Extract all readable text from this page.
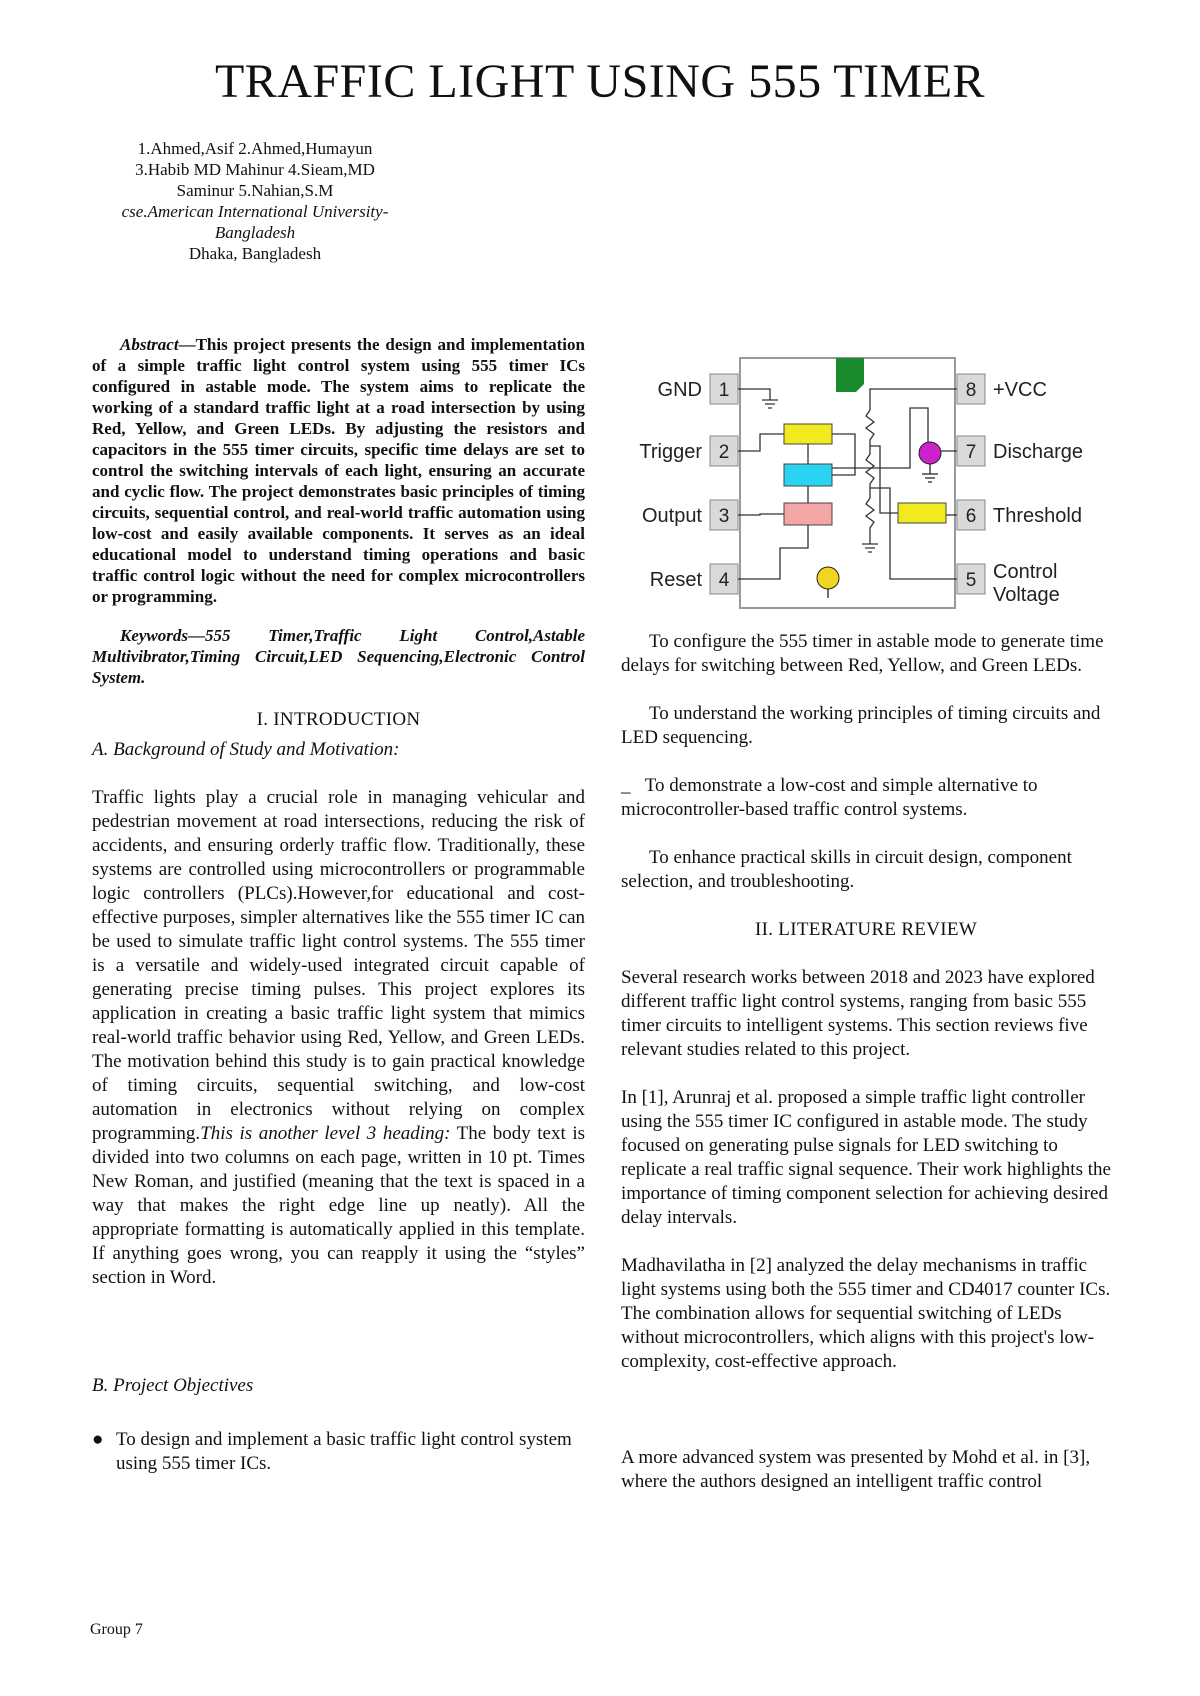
TRAFFIC LIGHT USING 555 TIMER
1.Ahmed,Asif 2.Ahmed,Humayun
3.Habib MD Mahinur 4.Sieam,MD
Saminur 5.Nahian,S.M
cse.American International University-
Bangladesh
Dhaka, Bangladesh

Abstract—This project presents the design and implementation of a simple traffic light control system using 555 timer ICs configured in astable mode. The system aims to replicate the working of a standard traffic light at a road intersection by using Red, Yellow, and Green LEDs. By adjusting the resistors and capacitors in the 555 timer circuits, specific time delays are set to control the switching intervals of each light, ensuring an accurate and cyclic flow. The project demonstrates basic principles of timing circuits, sequential control, and real-world traffic automation using low-cost and easily available components. It serves as an ideal educational model to understand timing operations and basic traffic control logic without the need for complex microcontrollers or programming.

Keywords—555 Timer,Traffic Light Control,Astable Multivibrator,Timing Circuit,LED Sequencing,Electronic Control System.

I. INTRODUCTION

A. Background of Study and Motivation:

Traffic lights play a crucial role in managing vehicular and pedestrian movement at road intersections, reducing the risk of accidents, and ensuring orderly traffic flow. Traditionally, these systems are controlled using microcontrollers or programmable logic controllers (PLCs).However,for educational and cost-effective purposes, simpler alternatives like the 555 timer IC can be used to simulate traffic light control systems. The 555 timer is a versatile and widely-used integrated circuit capable of generating precise timing pulses. This project explores its application in creating a basic traffic light system that mimics real-world traffic behavior using Red, Yellow, and Green LEDs. The motivation behind this study is to gain practical knowledge of timing circuits, sequential switching, and low-cost automation in electronics without relying on complex programming.This is another level 3 heading: The body text is divided into two columns on each page, written in 10 pt. Times New Roman, and justified (meaning that the text is spaced in a way that makes the right edge line up neatly). All the appropriate formatting is automatically applied in this template. If anything goes wrong, you can reapply it using the “styles” section in Word.

B. Project Objectives

● To design and implement a basic traffic light control system using 555 timer ICs.
1
2
3
4
8
7
6
5
GND
Trigger
Output
Reset
+VCC
Discharge
Threshold
Control
Voltage

To configure the 555 timer in astable mode to generate time delays for switching between Red, Yellow, and Green LEDs.

To understand the working principles of timing circuits and LED sequencing.

_ To demonstrate a low-cost and simple alternative to microcontroller-based traffic control systems.

To enhance practical skills in circuit design, component selection, and troubleshooting.

II. LITERATURE REVIEW

Several research works between 2018 and 2023 have explored different traffic light control systems, ranging from basic 555 timer circuits to intelligent systems. This section reviews five relevant studies related to this project.

In [1], Arunraj et al. proposed a simple traffic light controller using the 555 timer IC configured in astable mode. The study focused on generating pulse signals for LED switching to replicate a real traffic signal sequence. Their work highlights the importance of timing component selection for achieving desired delay intervals.

Madhavilatha in [2] analyzed the delay mechanisms in traffic light systems using both the 555 timer and CD4017 counter ICs. The combination allows for sequential switching of LEDs without microcontrollers, which aligns with this project's low-complexity, cost-effective approach.

A more advanced system was presented by Mohd et al. in [3], where the authors designed an intelligent traffic control

Group 7
